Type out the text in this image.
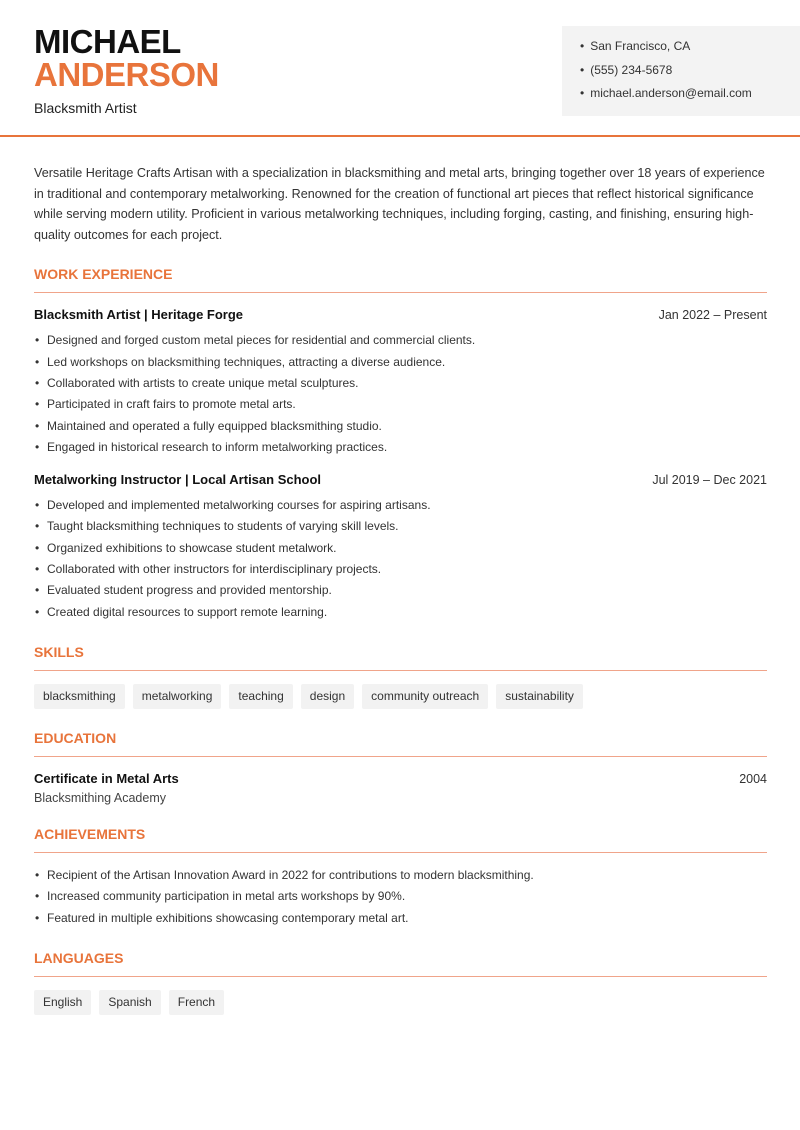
MICHAEL
ANDERSON
Blacksmith Artist
• San Francisco, CA
• (555) 234-5678
• michael.anderson@email.com

Versatile Heritage Crafts Artisan with a specialization in blacksmithing and metal arts, bringing together over 18 years of experience in traditional and contemporary metalworking. Renowned for the creation of functional art pieces that reflect historical significance while serving modern utility. Proficient in various metalworking techniques, including forging, casting, and finishing, ensuring high-quality outcomes for each project.

WORK EXPERIENCE
Blacksmith Artist | Heritage Forge	Jan 2022 – Present
• Designed and forged custom metal pieces for residential and commercial clients.
• Led workshops on blacksmithing techniques, attracting a diverse audience.
• Collaborated with artists to create unique metal sculptures.
• Participated in craft fairs to promote metal arts.
• Maintained and operated a fully equipped blacksmithing studio.
• Engaged in historical research to inform metalworking practices.
Metalworking Instructor | Local Artisan School	Jul 2019 – Dec 2021
• Developed and implemented metalworking courses for aspiring artisans.
• Taught blacksmithing techniques to students of varying skill levels.
• Organized exhibitions to showcase student metalwork.
• Collaborated with other instructors for interdisciplinary projects.
• Evaluated student progress and provided mentorship.
• Created digital resources to support remote learning.
SKILLS
blacksmithing	metalworking	teaching	design	community outreach	sustainability
EDUCATION
Certificate in Metal Arts	2004
Blacksmithing Academy
ACHIEVEMENTS
• Recipient of the Artisan Innovation Award in 2022 for contributions to modern blacksmithing.
• Increased community participation in metal arts workshops by 90%.
• Featured in multiple exhibitions showcasing contemporary metal art.
LANGUAGES
English	Spanish	French
